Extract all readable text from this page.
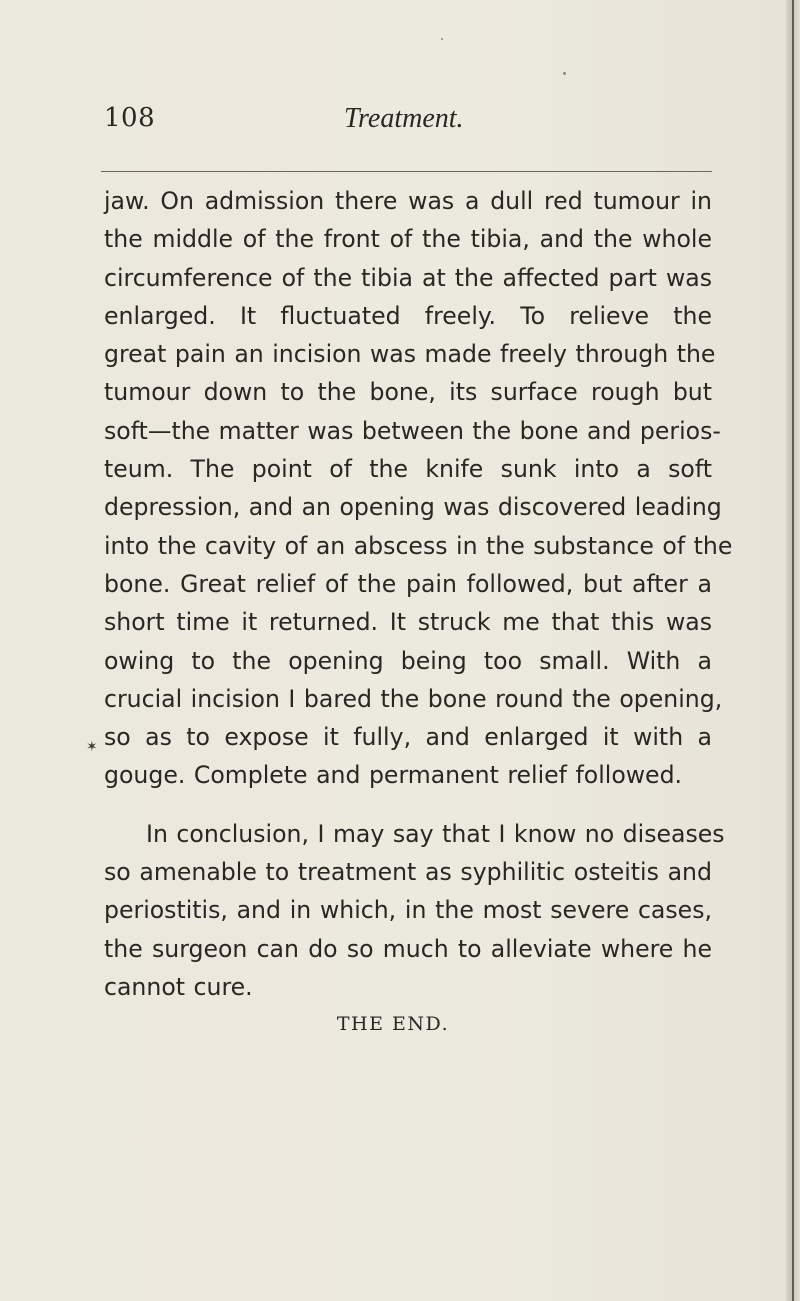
108	Treatment.
jaw. On admission there was a dull red tumour in
the middle of the front of the tibia, and the whole
circumference of the tibia at the affected part was
enlarged. It fluctuated freely. To relieve the
great pain an incision was made freely through the
tumour down to the bone, its surface rough but
soft—the matter was between the bone and perios-
teum. The point of the knife sunk into a soft
depression, and an opening was discovered leading
into the cavity of an abscess in the substance of the
bone. Great relief of the pain followed, but after a
short time it returned. It struck me that this was
owing to the opening being too small. With a
crucial incision I bared the bone round the opening,
so as to expose it fully, and enlarged it with a
gouge. Complete and permanent relief followed.
In conclusion, I may say that I know no diseases
so amenable to treatment as syphilitic osteitis and
periostitis, and in which, in the most severe cases,
the surgeon can do so much to alleviate where he
cannot cure.
✶
THE END.
